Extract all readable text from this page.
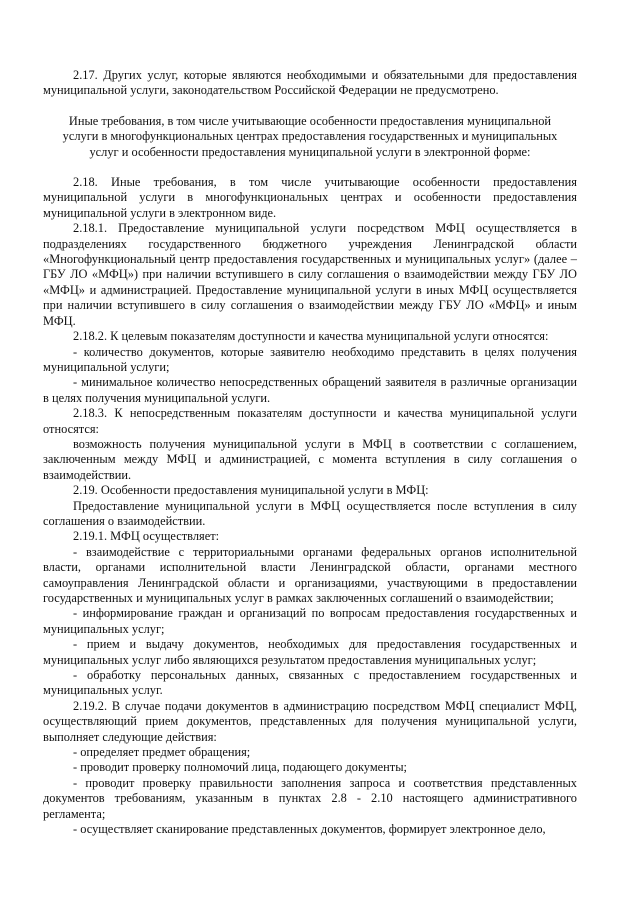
2.17. Других услуг, которые являются необходимыми и обязательными для предоставления муниципальной услуги, законодательством Российской Федерации не предусмотрено.

Иные требования, в том числе учитывающие особенности предоставления муниципальной

услуги в многофункциональных центрах предоставления государственных и муниципальных

услуг и особенности предоставления муниципальной услуги в электронной форме:

2.18. Иные требования, в том числе учитывающие особенности предоставления муниципальной услуги в многофункциональных центрах и особенности предоставления муниципальной услуги в электронном виде.

2.18.1. Предоставление муниципальной услуги посредством МФЦ осуществляется в подразделениях государственного бюджетного учреждения Ленинградской области «Многофункциональный центр предоставления государственных и муниципальных услуг» (далее – ГБУ ЛО «МФЦ») при наличии вступившего в силу соглашения о взаимодействии между ГБУ ЛО «МФЦ» и администрацией. Предоставление муниципальной услуги в иных МФЦ осуществляется при наличии вступившего в силу соглашения о взаимодействии между ГБУ ЛО «МФЦ» и иным МФЦ.

2.18.2. К целевым показателям доступности и качества муниципальной услуги относятся:

- количество документов, которые заявителю необходимо представить в целях получения муниципальной услуги;

- минимальное количество непосредственных обращений заявителя в различные организации в целях получения муниципальной услуги.

2.18.3. К непосредственным показателям доступности и качества муниципальной услуги относятся:

возможность получения муниципальной услуги в МФЦ в соответствии с соглашением, заключенным между МФЦ и администрацией, с момента вступления в силу соглашения о взаимодействии.

2.19. Особенности предоставления муниципальной услуги в МФЦ:

Предоставление муниципальной услуги в МФЦ осуществляется после вступления в силу соглашения о взаимодействии.

2.19.1. МФЦ осуществляет:

- взаимодействие с территориальными органами федеральных органов исполнительной власти, органами исполнительной власти Ленинградской области, органами местного самоуправления Ленинградской области и организациями, участвующими в предоставлении государственных и муниципальных услуг в рамках заключенных соглашений о взаимодействии;

- информирование граждан и организаций по вопросам предоставления государственных и муниципальных услуг;

- прием и выдачу документов, необходимых для предоставления государственных и муниципальных услуг либо являющихся результатом предоставления муниципальных услуг;

- обработку персональных данных, связанных с предоставлением государственных и муниципальных услуг.

2.19.2. В случае подачи документов в администрацию посредством МФЦ специалист МФЦ, осуществляющий прием документов, представленных для получения муниципальной услуги, выполняет следующие действия:

- определяет предмет обращения;

- проводит проверку полномочий лица, подающего документы;

- проводит проверку правильности заполнения запроса и соответствия представленных документов требованиям, указанным в пунктах 2.8 - 2.10 настоящего административного регламента;

- осуществляет сканирование представленных документов, формирует электронное дело,
